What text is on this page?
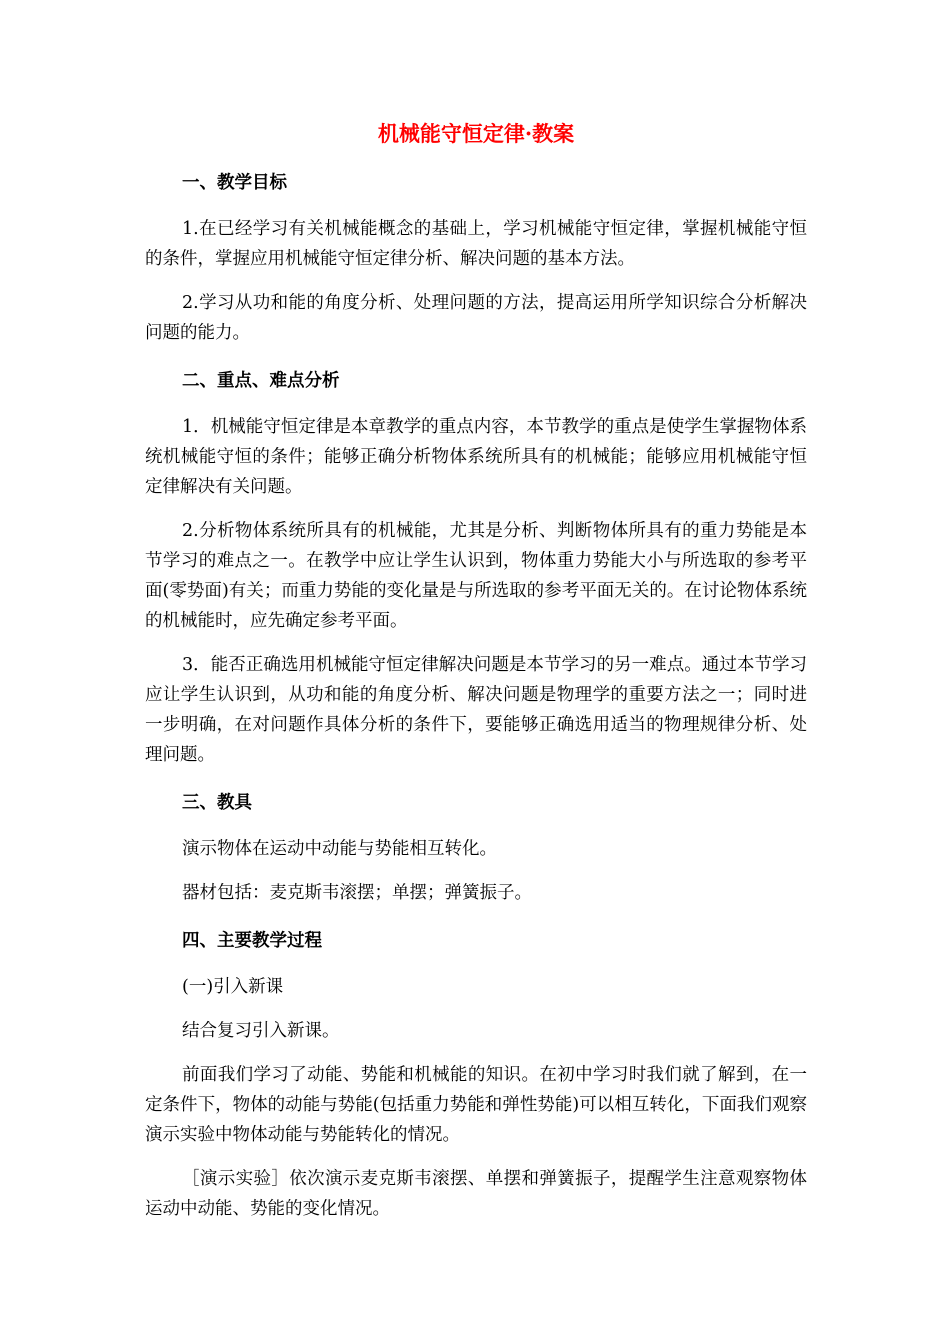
机械能守恒定律·教案
一、教学目标
1.在已经学习有关机械能概念的基础上，学习机械能守恒定律，掌握机械能守恒的条件，掌握应用机械能守恒定律分析、解决问题的基本方法。
2.学习从功和能的角度分析、处理问题的方法，提高运用所学知识综合分析解决问题的能力。
二、重点、难点分析
1．机械能守恒定律是本章教学的重点内容，本节教学的重点是使学生掌握物体系统机械能守恒的条件；能够正确分析物体系统所具有的机械能；能够应用机械能守恒定律解决有关问题。
2.分析物体系统所具有的机械能，尤其是分析、判断物体所具有的重力势能是本节学习的难点之一。在教学中应让学生认识到，物体重力势能大小与所选取的参考平面(零势面)有关；而重力势能的变化量是与所选取的参考平面无关的。在讨论物体系统的机械能时，应先确定参考平面。
3．能否正确选用机械能守恒定律解决问题是本节学习的另一难点。通过本节学习应让学生认识到，从功和能的角度分析、解决问题是物理学的重要方法之一；同时进一步明确，在对问题作具体分析的条件下，要能够正确选用适当的物理规律分析、处理问题。
三、教具
演示物体在运动中动能与势能相互转化。
器材包括：麦克斯韦滚摆；单摆；弹簧振子。
四、主要教学过程
(一)引入新课
结合复习引入新课。
前面我们学习了动能、势能和机械能的知识。在初中学习时我们就了解到，在一定条件下，物体的动能与势能(包括重力势能和弹性势能)可以相互转化，下面我们观察演示实验中物体动能与势能转化的情况。
［演示实验］依次演示麦克斯韦滚摆、单摆和弹簧振子，提醒学生注意观察物体运动中动能、势能的变化情况。
